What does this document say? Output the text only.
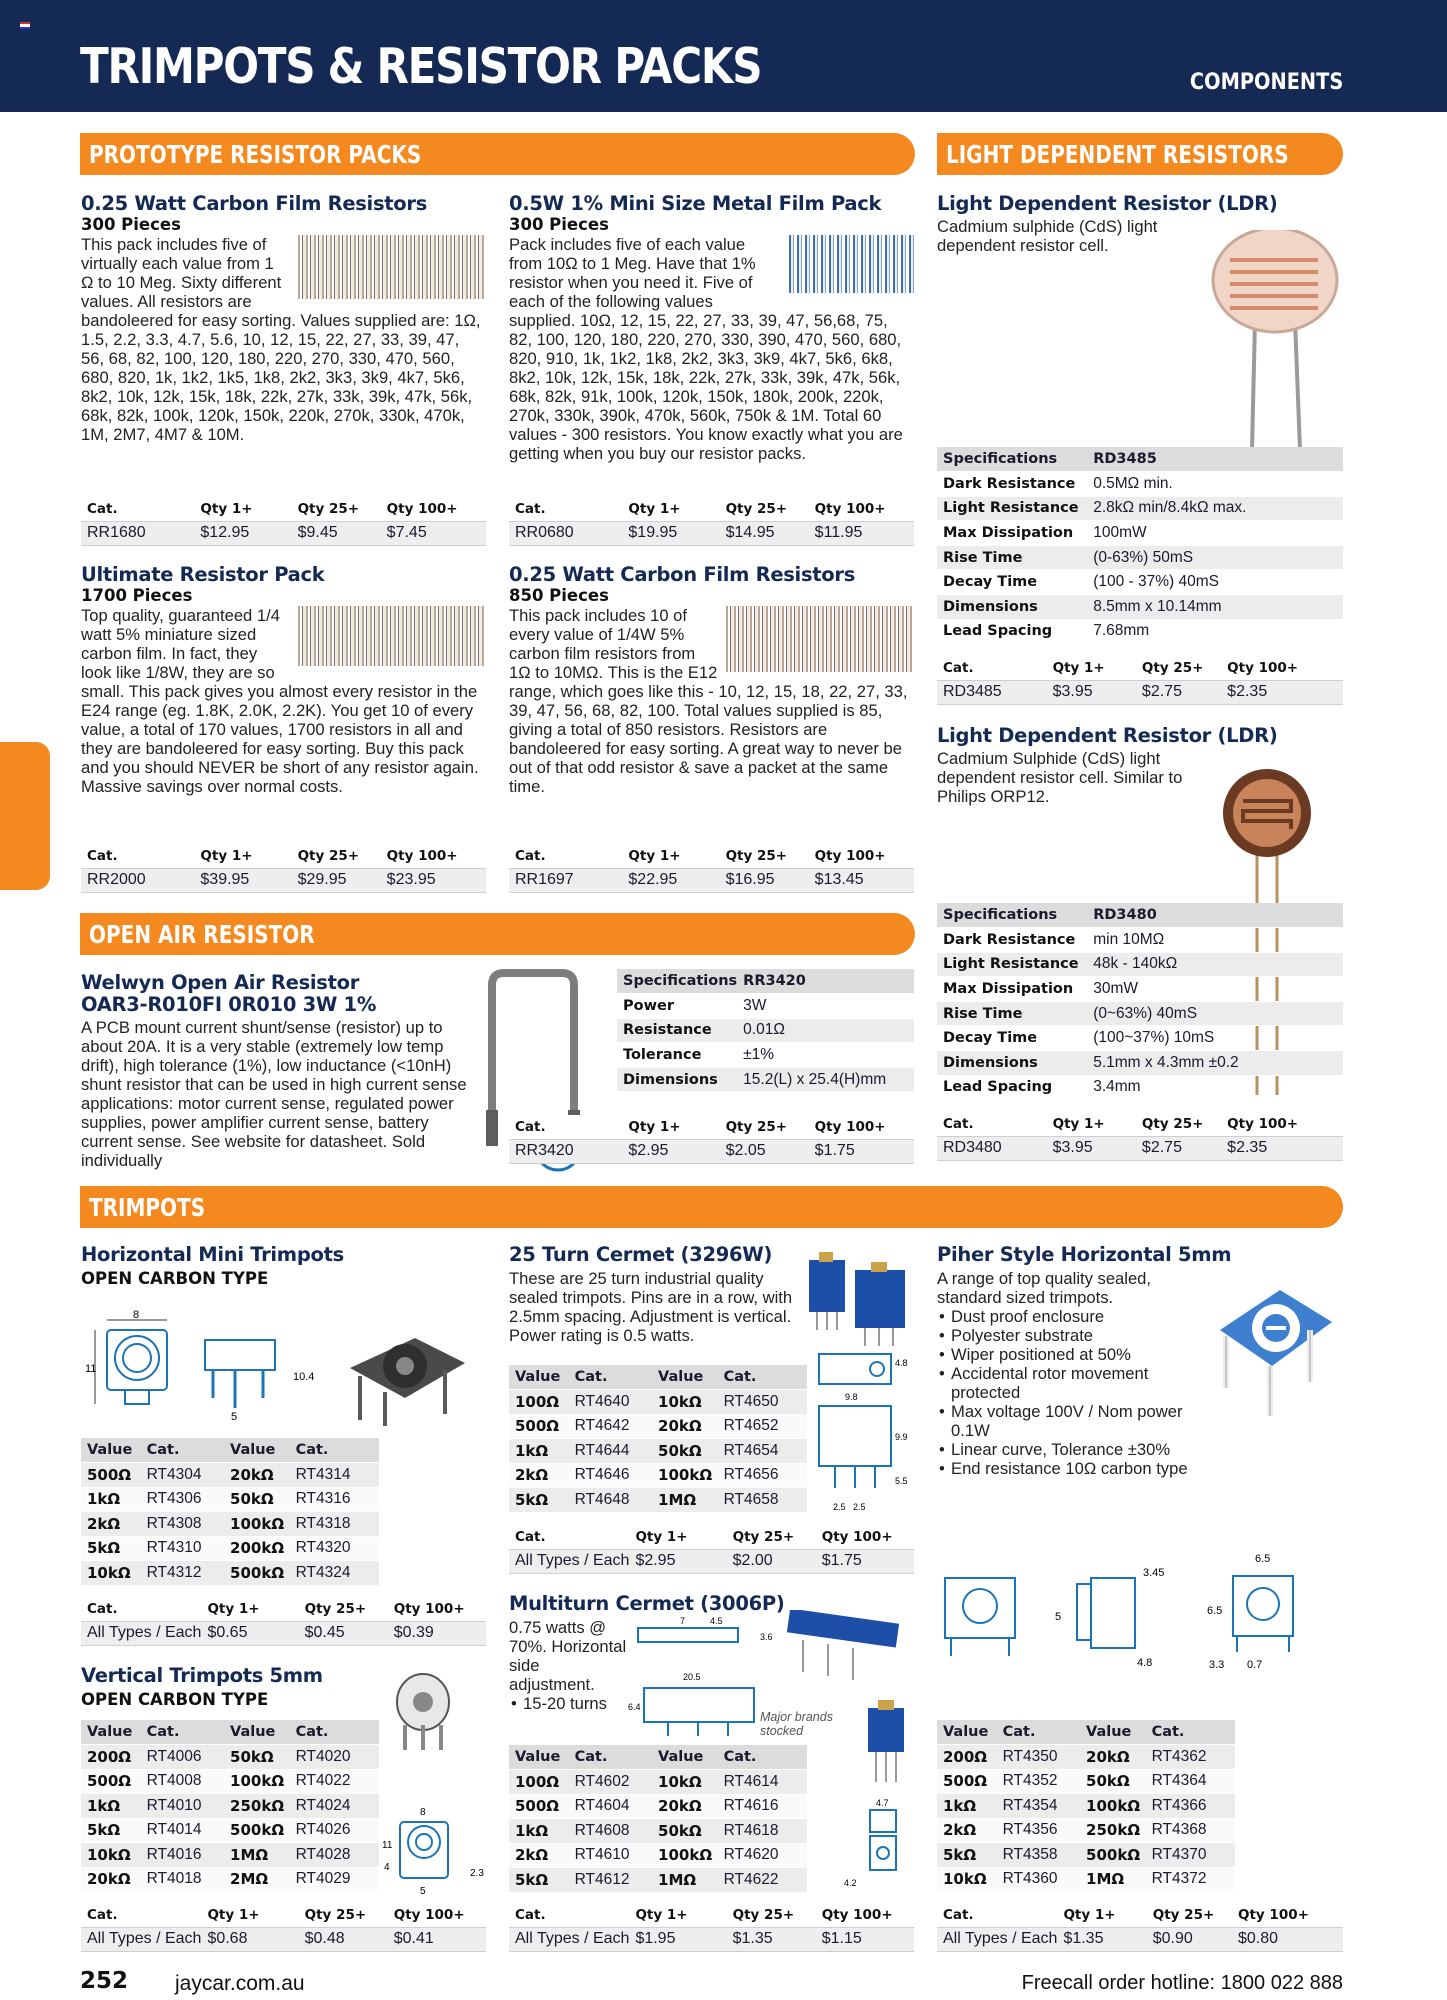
TRIMPOTS & RESISTOR PACKS	COMPONENTS
PROTOTYPE RESISTOR PACKS	LIGHT DEPENDENT RESISTORS
OPEN AIR RESISTOR
TRIMPOTS
0.25 Watt Carbon Film Resistors
300 Pieces
This pack includes five of virtually each value from 1 Ω to 10 Meg. Sixty different values. All resistors are bandoleered for easy sorting. Values supplied are: 1Ω, 1.5, 2.2, 3.3, 4.7, 5.6, 10, 12, 15, 22, 27, 33, 39, 47, 56, 68, 82, 100, 120, 180, 220, 270, 330, 470, 560, 680, 820, 1k, 1k2, 1k5, 1k8, 2k2, 3k3, 3k9, 4k7, 5k6, 8k2, 10k, 12k, 15k, 18k, 22k, 27k, 33k, 39k, 47k, 56k, 68k, 82k, 100k, 120k, 150k, 220k, 270k, 330k, 470k, 1M, 2M7, 4M7 & 10M.
Cat.	Qty 1+	Qty 25+	Qty 100+
RR1680	$12.95	$9.45	$7.45
0.5W 1% Mini Size Metal Film Pack
300 Pieces
Pack includes five of each value from 10Ω to 1 Meg. Have that 1% resistor when you need it. Five of each of the following values supplied. 10Ω, 12, 15, 22, 27, 33, 39, 47, 56,68, 75, 82, 100, 120, 180, 220, 270, 330, 390, 470, 560, 680, 820, 910, 1k, 1k2, 1k8, 2k2, 3k3, 3k9, 4k7, 5k6, 6k8, 8k2, 10k, 12k, 15k, 18k, 22k, 27k, 33k, 39k, 47k, 56k, 68k, 82k, 91k, 100k, 120k, 150k, 180k, 200k, 220k, 270k, 330k, 390k, 470k, 560k, 750k & 1M. Total 60 values - 300 resistors. You know exactly what you are getting when you buy our resistor packs.
Cat.	Qty 1+	Qty 25+	Qty 100+
RR0680	$19.95	$14.95	$11.95
Ultimate Resistor Pack
1700 Pieces
Top quality, guaranteed 1/4 watt 5% miniature sized carbon film. In fact, they look like 1/8W, they are so small. This pack gives you almost every resistor in the E24 range (eg. 1.8K, 2.0K, 2.2K). You get 10 of every value, a total of 170 values, 1700 resistors in all and they are bandoleered for easy sorting. Buy this pack and you should NEVER be short of any resistor again. Massive savings over normal costs.
Cat.	Qty 1+	Qty 25+	Qty 100+
RR2000	$39.95	$29.95	$23.95
0.25 Watt Carbon Film Resistors
850 Pieces
This pack includes 10 of every value of 1/4W 5% carbon film resistors from 1Ω to 10MΩ. This is the E12 range, which goes like this - 10, 12, 15, 18, 22, 27, 33, 39, 47, 56, 68, 82, 100. Total values supplied is 85, giving a total of 850 resistors. Resistors are bandoleered for easy sorting. A great way to never be out of that odd resistor & save a packet at the same time.
Cat.	Qty 1+	Qty 25+	Qty 100+
RR1697	$22.95	$16.95	$13.45
Light Dependent Resistor (LDR)
Cadmium sulphide (CdS) light dependent resistor cell.
Specifications	RD3485
Dark Resistance	0.5MΩ min.
Light Resistance	2.8kΩ min/8.4kΩ max.
Max Dissipation	100mW
Rise Time	(0-63%) 50mS
Decay Time	(100 - 37%) 40mS
Dimensions	8.5mm x 10.14mm
Lead Spacing	7.68mm
Cat.	Qty 1+	Qty 25+	Qty 100+
RD3485	$3.95	$2.75	$2.35
Light Dependent Resistor (LDR)
Cadmium Sulphide (CdS) light dependent resistor cell. Similar to Philips ORP12.
Specifications	RD3480
Dark Resistance	min 10MΩ
Light Resistance	48k - 140kΩ
Max Dissipation	30mW
Rise Time	(0~63%) 40mS
Decay Time	(100~37%) 10mS
Dimensions	5.1mm x 4.3mm ±0.2
Lead Spacing	3.4mm
Cat.	Qty 1+	Qty 25+	Qty 100+
RD3480	$3.95	$2.75	$2.35
Welwyn Open Air Resistor
OAR3-R010FI 0R010 3W 1%
A PCB mount current shunt/sense (resistor) up to about 20A. It is a very stable (extremely low temp drift), high tolerance (1%), low inductance (<10nH) shunt resistor that can be used in high current sense applications: motor current sense, regulated power supplies, power amplifier current sense, battery current sense. See website for datasheet. Sold individually
Specifications	RR3420
Power	3W
Resistance	0.01Ω
Tolerance	±1%
Dimensions	15.2(L) x 25.4(H)mm
Cat.	Qty 1+	Qty 25+	Qty 100+
RR3420	$2.95	$2.05	$1.75
Horizontal Mini Trimpots
OPEN CARBON TYPE
8
11
10.4
5
Value	Cat.	Value	Cat.
500Ω	RT4304	20kΩ	RT4314
1kΩ	RT4306	50kΩ	RT4316
2kΩ	RT4308	100kΩ	RT4318
5kΩ	RT4310	200kΩ	RT4320
10kΩ	RT4312	500kΩ	RT4324
Cat.	Qty 1+	Qty 25+	Qty 100+
All Types / Each	$0.65	$0.45	$0.39
Vertical Trimpots 5mm
OPEN CARBON TYPE
8
11
4
5
2.3
Value	Cat.	Value	Cat.
200Ω	RT4006	50kΩ	RT4020
500Ω	RT4008	100kΩ	RT4022
1kΩ	RT4010	250kΩ	RT4024
5kΩ	RT4014	500kΩ	RT4026
10kΩ	RT4016	1MΩ	RT4028
20kΩ	RT4018	2MΩ	RT4029
Cat.	Qty 1+	Qty 25+	Qty 100+
All Types / Each	$0.68	$0.48	$0.41
25 Turn Cermet (3296W)
These are 25 turn industrial quality sealed trimpots. Pins are in a row, with 2.5mm spacing. Adjustment is vertical. Power rating is 0.5 watts.
4.8
9.8
9.9
5.5
2.5 2.5
Value	Cat.	Value	Cat.
100Ω	RT4640	10kΩ	RT4650
500Ω	RT4642	20kΩ	RT4652
1kΩ	RT4644	50kΩ	RT4654
2kΩ	RT4646	100kΩ	RT4656
5kΩ	RT4648	1MΩ	RT4658
Cat.	Qty 1+	Qty 25+	Qty 100+
All Types / Each	$2.95	$2.00	$1.75
Multiturn Cermet (3006P)
0.75 watts @ 70%. Horizontal side adjustment.
• 15-20 turns
7	4.5
3.6
20.5
6.4
4.7
4.2
Major brands stocked
Value	Cat.	Value	Cat.
100Ω	RT4602	10kΩ	RT4614
500Ω	RT4604	20kΩ	RT4616
1kΩ	RT4608	50kΩ	RT4618
2kΩ	RT4610	100kΩ	RT4620
5kΩ	RT4612	1MΩ	RT4622
Cat.	Qty 1+	Qty 25+	Qty 100+
All Types / Each	$1.95	$1.35	$1.15
Piher Style Horizontal 5mm
A range of top quality sealed, standard sized trimpots.
• Dust proof enclosure
• Polyester substrate
• Wiper positioned at 50%
• Accidental rotor movement protected
• Max voltage 100V / Nom power 0.1W
• Linear curve, Tolerance ±30%
• End resistance 10Ω carbon type
5
3.45
4.8
6.5
6.5
3.3 0.7
Value	Cat.	Value	Cat.
200Ω	RT4350	20kΩ	RT4362
500Ω	RT4352	50kΩ	RT4364
1kΩ	RT4354	100kΩ	RT4366
2kΩ	RT4356	250kΩ	RT4368
5kΩ	RT4358	500kΩ	RT4370
10kΩ	RT4360	1MΩ	RT4372
Cat.	Qty 1+	Qty 25+	Qty 100+
All Types / Each	$1.35	$0.90	$0.80
252 jaycar.com.au	Freecall order hotline: 1800 022 888
